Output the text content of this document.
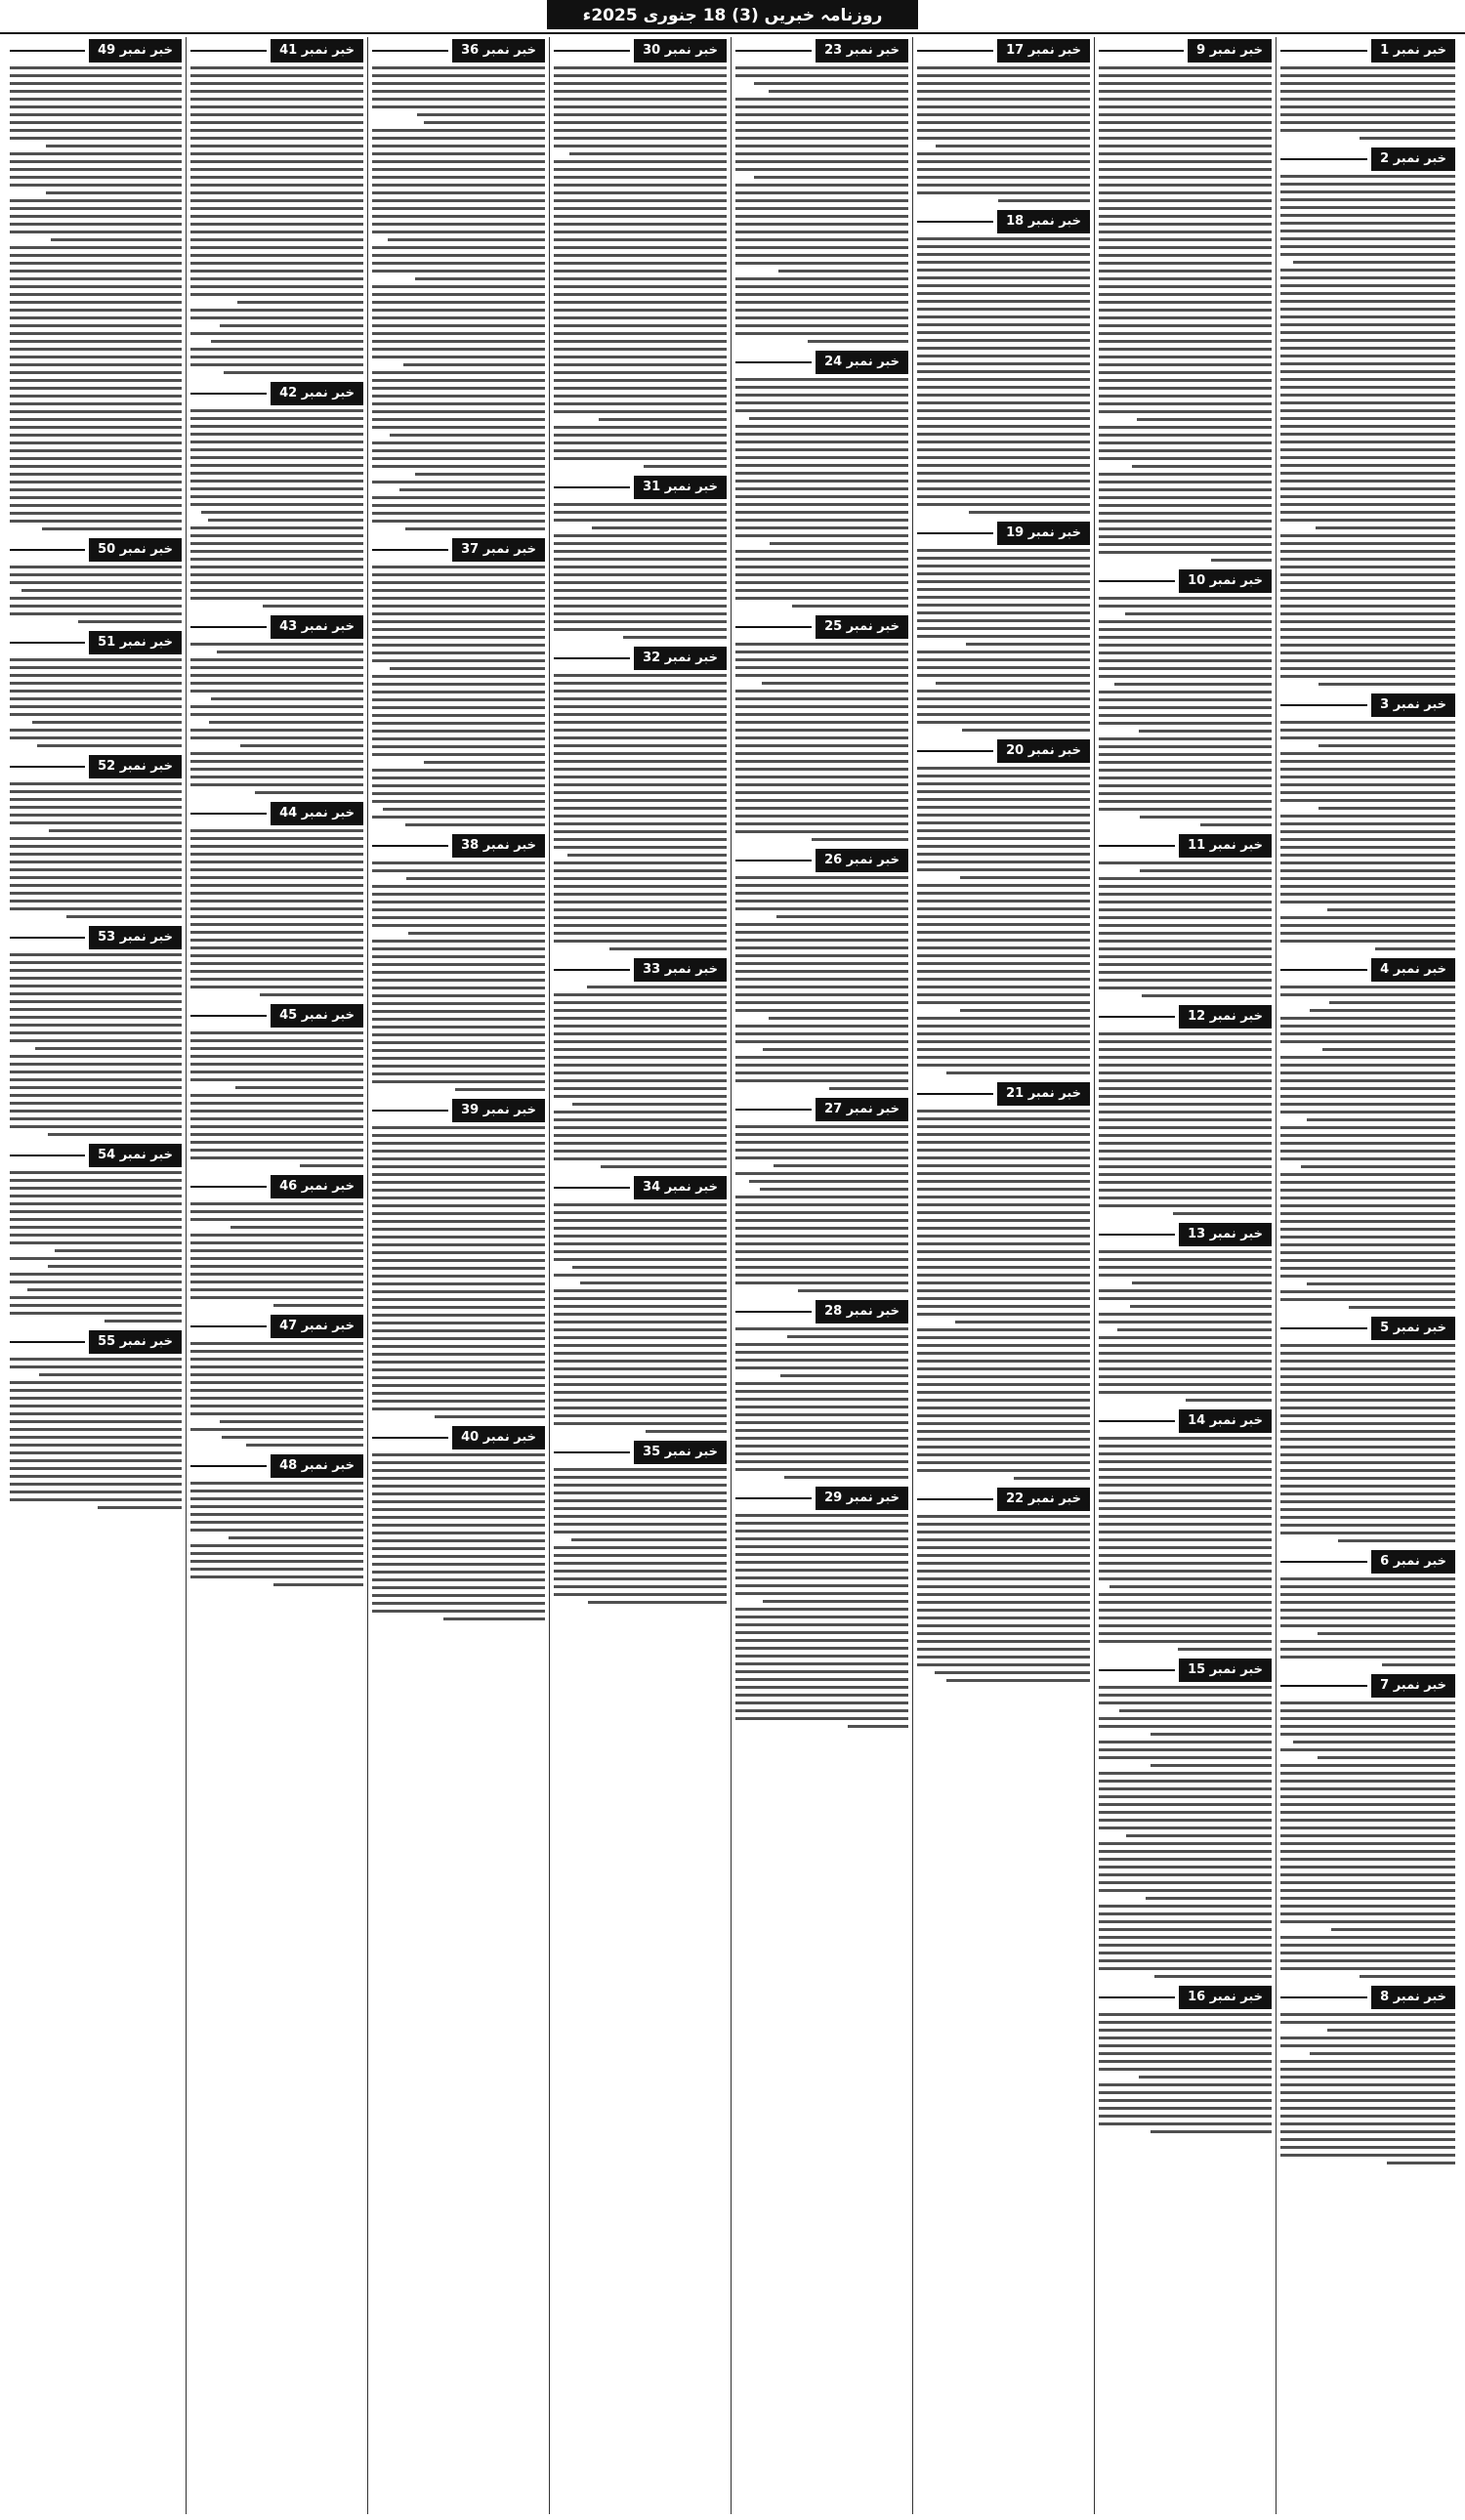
روزنامہ خبریں (3) 18 جنوری 2025ء
خبر نمبر 1
خبر نمبر 2
خبر نمبر 3
خبر نمبر 4
خبر نمبر 5
خبر نمبر 6
خبر نمبر 7
خبر نمبر 8
خبر نمبر 9
خبر نمبر 10
خبر نمبر 11
خبر نمبر 12
خبر نمبر 13
خبر نمبر 14
خبر نمبر 15
خبر نمبر 16
خبر نمبر 17
خبر نمبر 18
خبر نمبر 19
خبر نمبر 20
خبر نمبر 21
خبر نمبر 22
خبر نمبر 23
خبر نمبر 24
خبر نمبر 25
خبر نمبر 26
خبر نمبر 27
خبر نمبر 28
خبر نمبر 29
خبر نمبر 30
خبر نمبر 31
خبر نمبر 32
خبر نمبر 33
خبر نمبر 34
خبر نمبر 35
خبر نمبر 36
خبر نمبر 37
خبر نمبر 38
خبر نمبر 39
خبر نمبر 40
خبر نمبر 41
خبر نمبر 42
خبر نمبر 43
خبر نمبر 44
خبر نمبر 45
خبر نمبر 46
خبر نمبر 47
خبر نمبر 48
خبر نمبر 49
خبر نمبر 50
خبر نمبر 51
خبر نمبر 52
خبر نمبر 53
خبر نمبر 54
خبر نمبر 55
